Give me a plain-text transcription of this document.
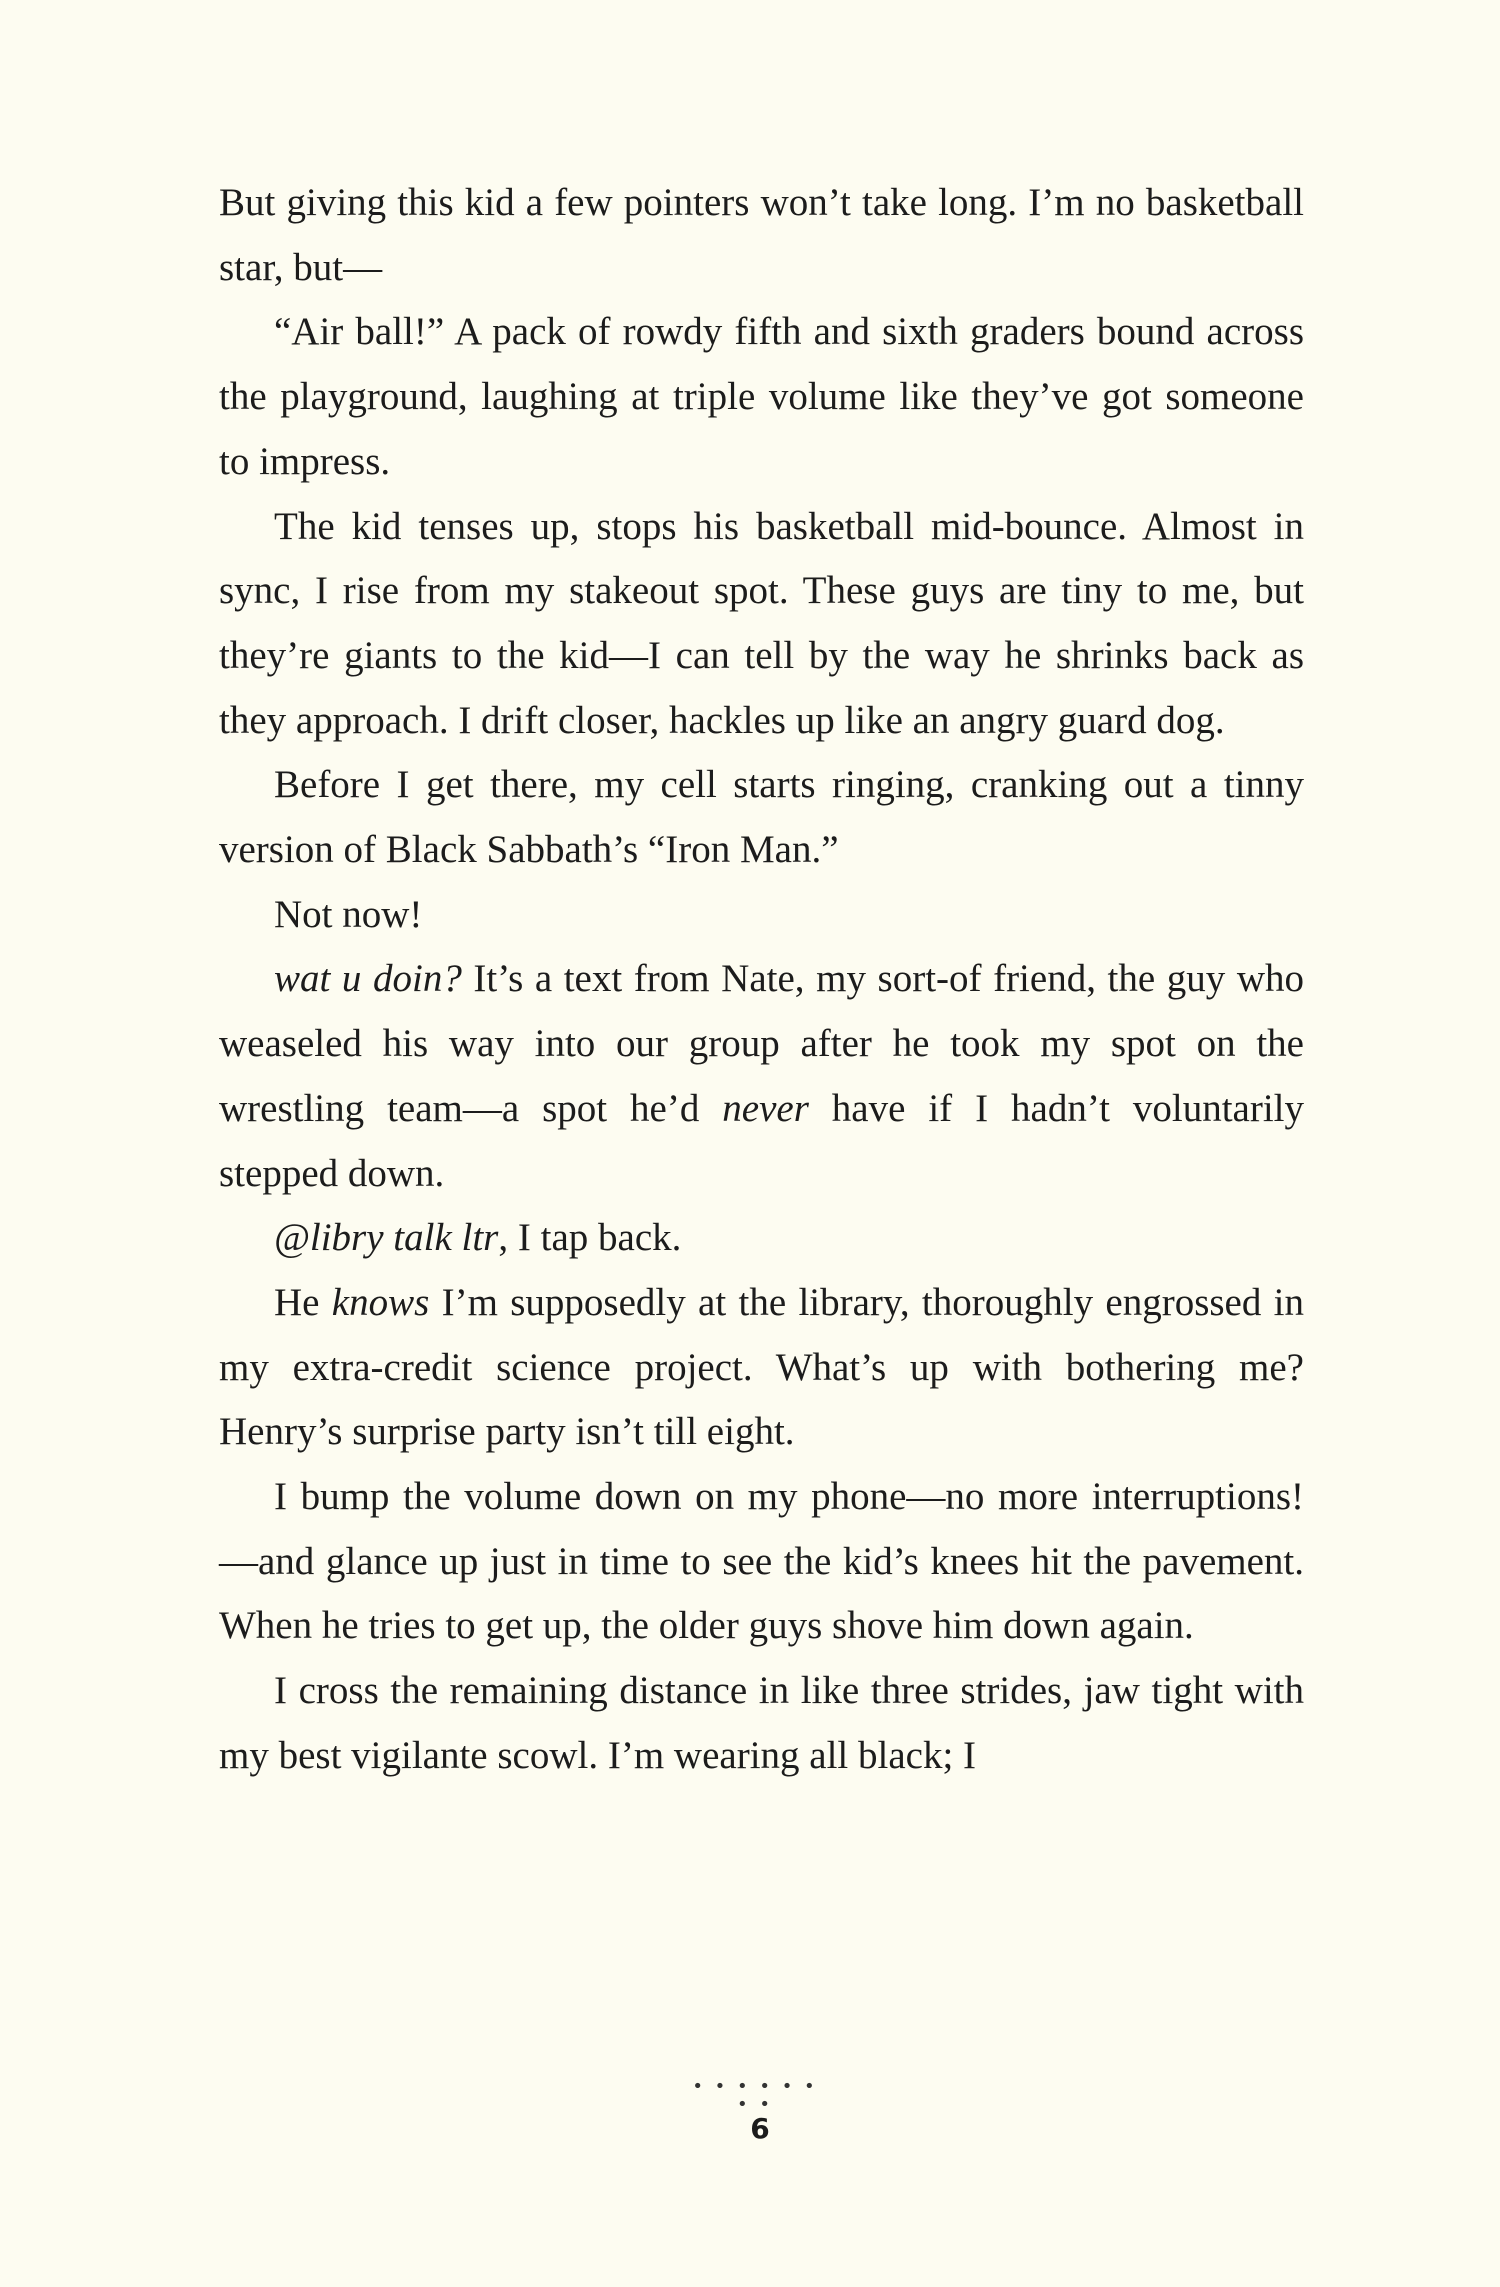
But giving this kid a few pointers won’t take long. I’m no basketball star, but—

“Air ball!” A pack of rowdy fifth and sixth graders bound across the playground, laughing at triple volume like they’ve got someone to impress.

The kid tenses up, stops his basketball mid-bounce. Almost in sync, I rise from my stakeout spot. These guys are tiny to me, but they’re giants to the kid—I can tell by the way he shrinks back as they approach. I drift closer, hackles up like an angry guard dog.

Before I get there, my cell starts ringing, cranking out a tinny version of Black Sabbath’s “Iron Man.”

Not now!

wat u doin? It’s a text from Nate, my sort-of friend, the guy who weaseled his way into our group after he took my spot on the wrestling team—a spot he’d never have if I hadn’t voluntarily stepped down.

@libry talk ltr, I tap back.

He knows I’m supposedly at the library, thoroughly engrossed in my extra-credit science project. What’s up with bothering me? Henry’s surprise party isn’t till eight.

I bump the volume down on my phone—no more interruptions!—and glance up just in time to see the kid’s knees hit the pavement. When he tries to get up, the older guys shove him down again.

I cross the remaining distance in like three strides, jaw tight with my best vigilante scowl. I’m wearing all black; I

• • • • • • • •
6
